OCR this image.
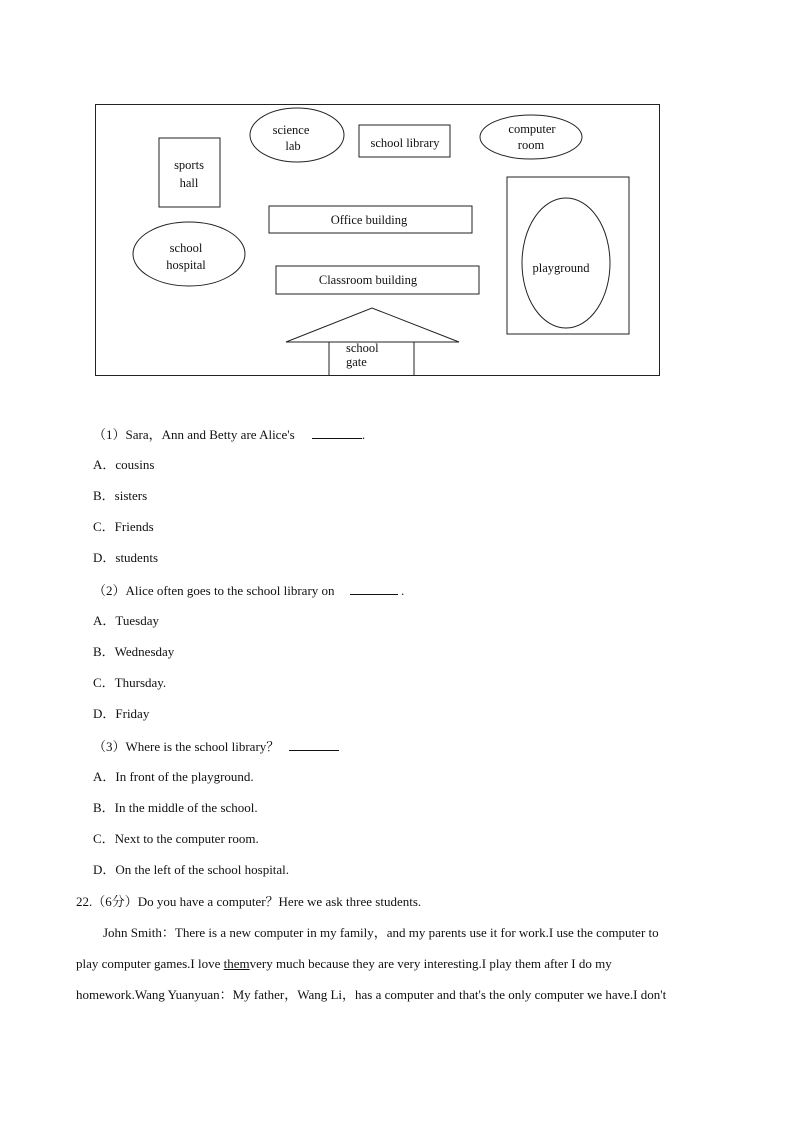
science
lab	school library
computer
room
sports
hall
Office building
school
hospital
Classroom building
playground
school
gate
（1）Sara，Ann and Betty are Alice's	.
A．cousins
B．sisters
C．Friends
D．students
（2）Alice often goes to the school library on	.
A．Tuesday
B．Wednesday
C．Thursday.
D．Friday
（3）Where is the school library？
A．In front of the playground.
B．In the middle of the school.
C．Next to the computer room.
D．On the left of the school hospital.
22.（6分）Do you have a computer？Here we ask three students.
John Smith：There is a new computer in my family，and my parents use it for work.I use the computer to
play computer games.I love themvery much because they are very interesting.I play them after I do my
homework.Wang Yuanyuan：My father，Wang Li，has a computer and that's the only computer we have.I don't
